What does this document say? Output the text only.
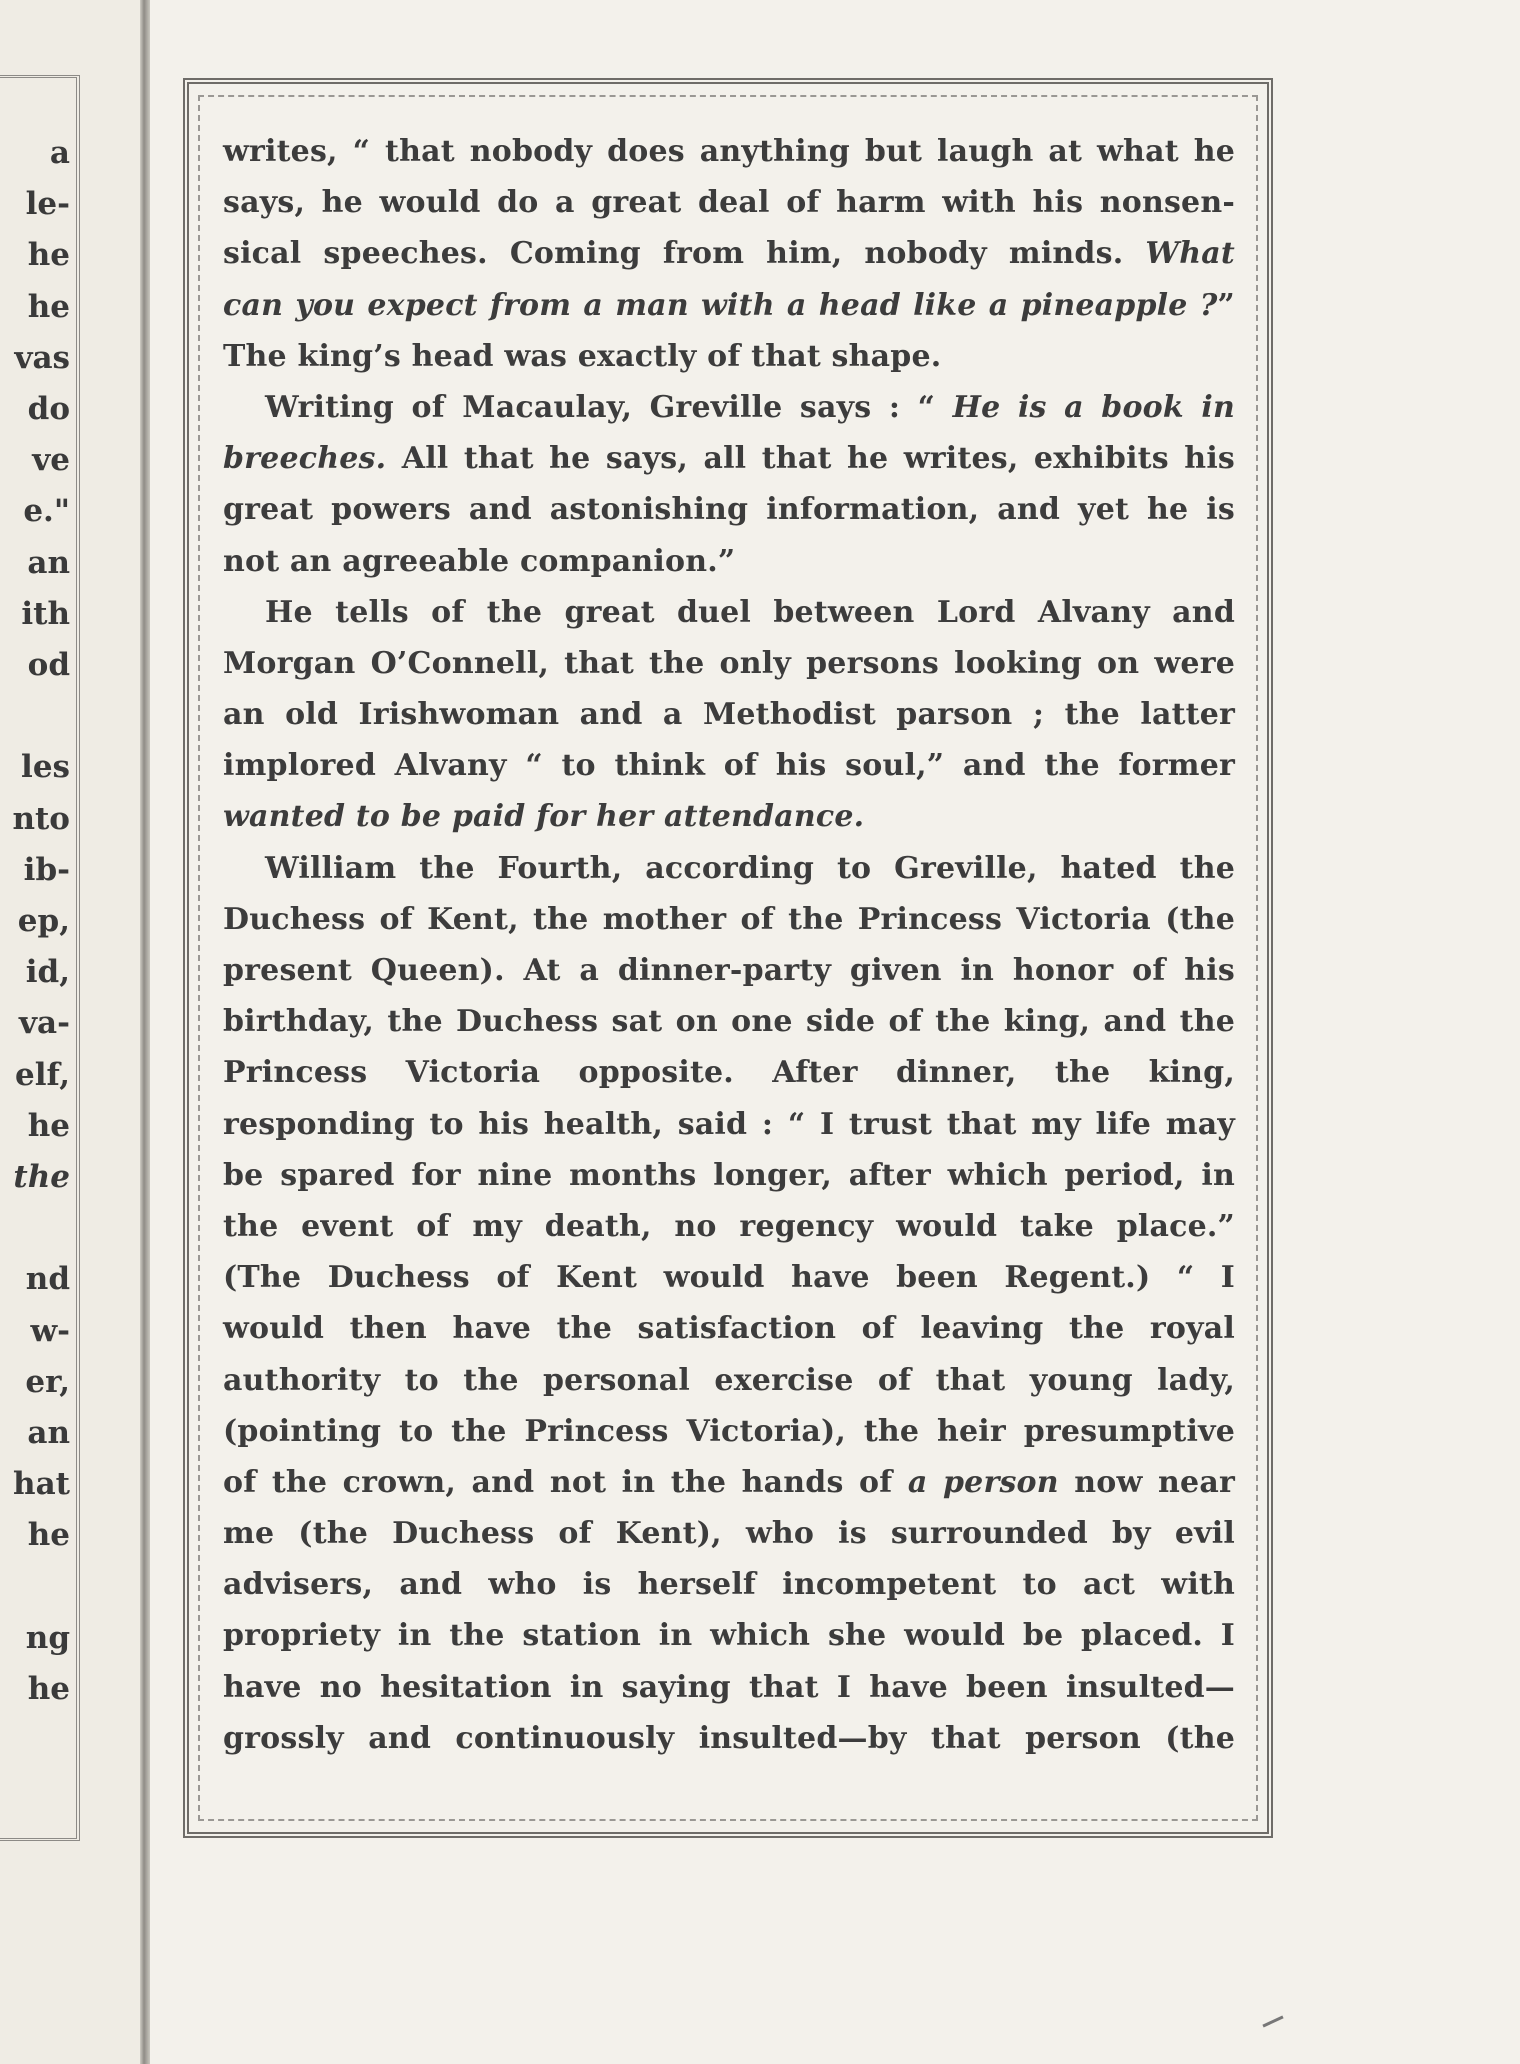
a
le-
he
he
vas
do
ve
e."
an
ith
od
les
nto
ib-
ep,
id,
va-
elf,
he
the
nd
w-
er,
an
hat
he
ng
he
writes, “ that nobody does anything but laugh at what he
says, he would do a great deal of harm with his nonsen-
sical speeches. Coming from him, nobody minds. What
can you expect from a man with a head like a pineapple ?”
The king’s head was exactly of that shape.
Writing of Macaulay, Greville says : “ He is a book in
breeches. All that he says, all that he writes, exhibits his
great powers and astonishing information, and yet he is
not an agreeable companion.”
He tells of the great duel between Lord Alvany and
Morgan O’Connell, that the only persons looking on were
an old Irishwoman and a Methodist parson ; the latter
implored Alvany “ to think of his soul,” and the former
wanted to be paid for her attendance.
William the Fourth, according to Greville, hated the
Duchess of Kent, the mother of the Princess Victoria (the
present Queen). At a dinner-party given in honor of his
birthday, the Duchess sat on one side of the king, and the
Princess Victoria opposite. After dinner, the king,
responding to his health, said : “ I trust that my life may
be spared for nine months longer, after which period, in
the event of my death, no regency would take place.”
(The Duchess of Kent would have been Regent.) “ I
would then have the satisfaction of leaving the royal
authority to the personal exercise of that young lady,
(pointing to the Princess Victoria), the heir presumptive
of the crown, and not in the hands of a person now near
me (the Duchess of Kent), who is surrounded by evil
advisers, and who is herself incompetent to act with
propriety in the station in which she would be placed. I
have no hesitation in saying that I have been insulted—
grossly and continuously insulted—by that person (the
